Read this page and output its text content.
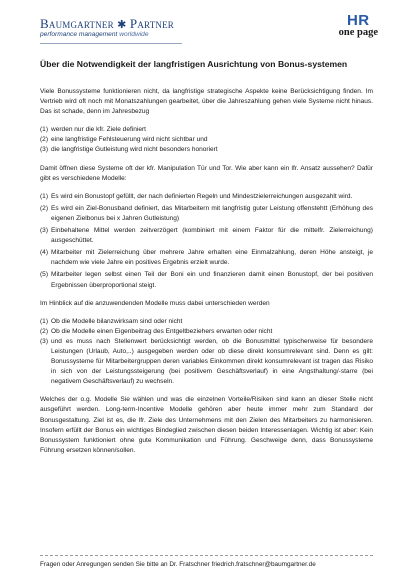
Baumgartner ✱ Partner
performance management worldwide
HR
one page
Über die Notwendigkeit der langfristigen Ausrichtung von Bonus-systemen

Viele Bonussysteme funktionieren nicht, da langfristige strategische Aspekte keine Berücksichtigung finden. Im Vertrieb wird oft noch mit Monatszahlungen gearbeitet, über die Jahreszahlung gehen viele Systeme nicht hinaus. Das ist schade, denn im Jahresbezug

(1) werden nur die kfr. Ziele definiert
(2) eine langfristige Fehlsteuerung wird nicht sichtbar und
(3) die langfristige Gutleistung wird nicht besonders honoriert

Damit öffnen diese Systeme oft der kfr. Manipulation Tür und Tor. Wie aber kann ein lfr. Ansatz aussehen? Dafür gibt es verschiedene Modelle:

(1) Es wird ein Bonustopf gefüllt, der nach definierten Regeln und Mindestzielerreichungen ausgezahlt wird.
(2) Es wird ein Ziel-Bonusband definiert, das Mitarbeitern mit langfristig guter Leistung offenstehtt (Erhöhung des eigenen Zielbonus bei x Jahren Gutleistung)
(3) Einbehaltene Mittel werden zeitverzögert (kombiniert mit einem Faktor für die mittelfr. Zielerreichung) ausgeschüttet.
(4) Mitarbeiter mit Zielerreichung über mehrere Jahre erhalten eine Einmalzahlung, deren Höhe ansteigt, je nachdem wie viele Jahre ein positives Ergebnis erzielt wurde.
(5) Mitarbeiter legen selbst einen Teil der Boni ein und finanzieren damit einen Bonustopf, der bei positiven Ergebnissen überproportional steigt.

Im Hinblick auf die anzuwendenden Modelle muss dabei unterschieden werden

(1) Ob die Modelle bilanzwirksam sind oder nicht
(2) Ob die Modelle einen Eigenbeitrag des Entgeltbeziehers erwarten oder nicht
(3) und es muss nach Stellenwert berücksichtigt werden, ob die Bonusmittel typischerweise für besondere Leistungen (Urlaub, Auto,..) ausgegeben werden oder ob diese direkt konsumrelevant sind. Denn es gilt: Bonussysteme für Mitarbeitergruppen deren variables Einkommen direkt konsumrelevant ist tragen das Risiko in sich von der Leistungssteigerung (bei positivem Geschäftsverlauf) in eine Angsthaltung/-starre (bei negativem Geschäftsverlauf) zu wechseln.

Welches der o.g. Modelle Sie wählen und was die einzelnen Vorteile/Risiken sind kann an dieser Stelle nicht ausgeführt werden. Long-term-Incentive Modelle gehören aber heute immer mehr zum Standard der Bonusgestaltung. Ziel ist es, die lfr. Ziele des Unternehmens mit den Zielen des Mitarbeiters zu harmonisieren. Insofern erfüllt der Bonus ein wichtiges Bindeglied zwischen diesen beiden Interessenlagen. Wichtig ist aber: Kein Bonussystem funktioniert ohne gute Kommunikation und Führung. Geschweige denn, dass Bonussysteme Führung ersetzen können/sollen.

Fragen oder Anregungen senden Sie bitte an Dr. Fratschner friedrich.fratschner@baumgartner.de
